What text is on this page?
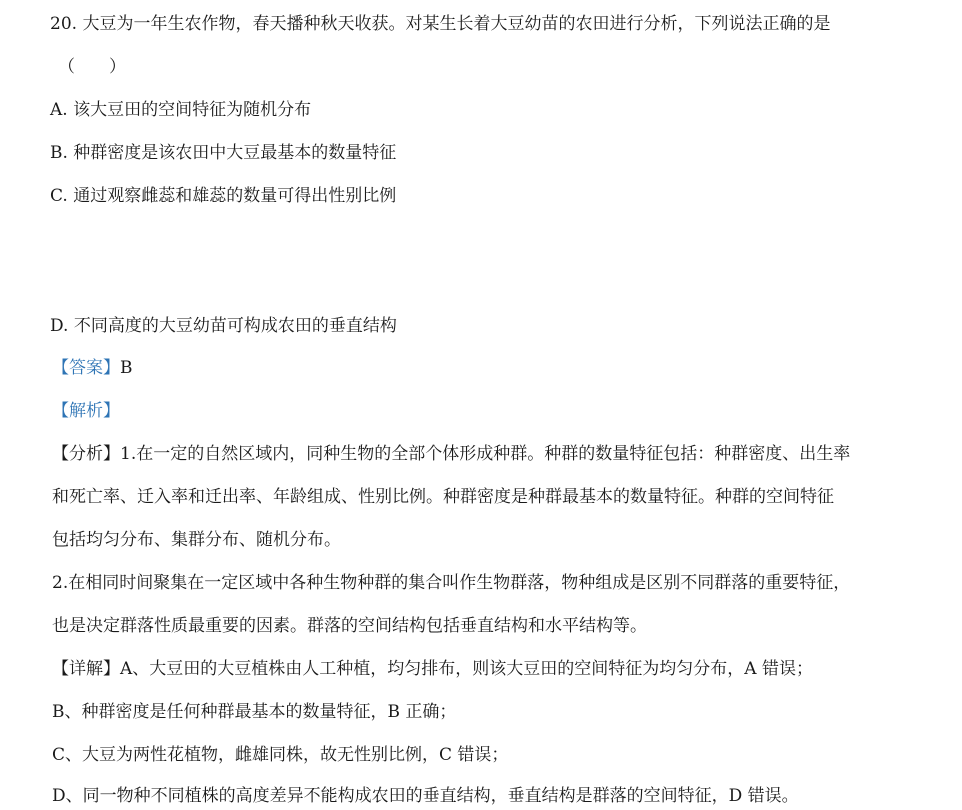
20. 大豆为一年生农作物，春天播种秋天收获。对某生长着大豆幼苗的农田进行分析，下列说法正确的是
（　　）
A. 该大豆田的空间特征为随机分布
B. 种群密度是该农田中大豆最基本的数量特征
C. 通过观察雌蕊和雄蕊的数量可得出性别比例
D. 不同高度的大豆幼苗可构成农田的垂直结构
【答案】B
【解析】
【分析】1.在一定的自然区域内，同种生物的全部个体形成种群。种群的数量特征包括：种群密度、出生率
和死亡率、迁入率和迁出率、年龄组成、性别比例。种群密度是种群最基本的数量特征。种群的空间特征
包括均匀分布、集群分布、随机分布。
2.在相同时间聚集在一定区域中各种生物种群的集合叫作生物群落，物种组成是区别不同群落的重要特征，
也是决定群落性质最重要的因素。群落的空间结构包括垂直结构和水平结构等。
【详解】A、大豆田的大豆植株由人工种植，均匀排布，则该大豆田的空间特征为均匀分布，A 错误；
B、种群密度是任何种群最基本的数量特征，B 正确；
C、大豆为两性花植物，雌雄同株，故无性别比例，C 错误；
D、同一物种不同植株的高度差异不能构成农田的垂直结构，垂直结构是群落的空间特征，D 错误。
